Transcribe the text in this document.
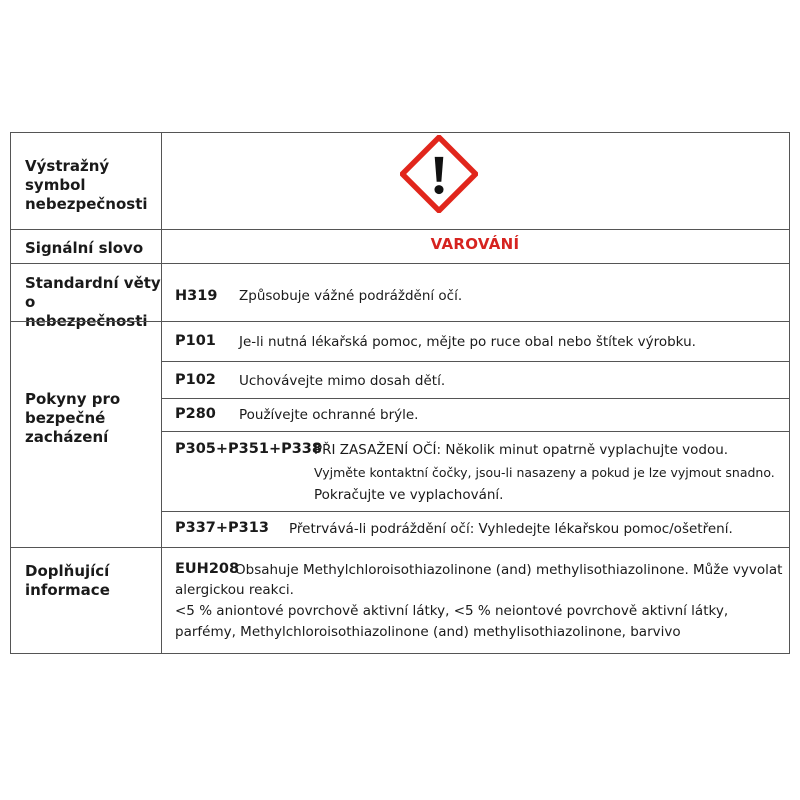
Výstražný
symbol
nebezpečnosti
Signální slovo	VAROVÁNÍ
Standardní věty
o nebezpečnosti
H319 Způsobuje vážné podráždění očí.
Pokyny pro
bezpečné
zacházení
P101 Je-li nutná lékařská pomoc, mějte po ruce obal nebo štítek výrobku.
P102 Uchovávejte mimo dosah dětí.
P280 Používejte ochranné brýle.
P305+P351+P338
PŘI ZASAŽENÍ OČÍ: Několik minut opatrně vyplachujte vodou.
Vyjměte kontaktní čočky, jsou-li nasazeny a pokud je lze vyjmout snadno.
Pokračujte ve vyplachování.
P337+P313 Přetrvává-li podráždění očí: Vyhledejte lékařskou pomoc/ošetření.
Doplňující
informace
EUH208
Obsahuje Methylchloroisothiazolinone (and) methylisothiazolinone. Může vyvolat
alergickou reakci.
<5 % aniontové povrchově aktivní látky, <5 % neiontové povrchově aktivní látky,
parfémy, Methylchloroisothiazolinone (and) methylisothiazolinone, barvivo
